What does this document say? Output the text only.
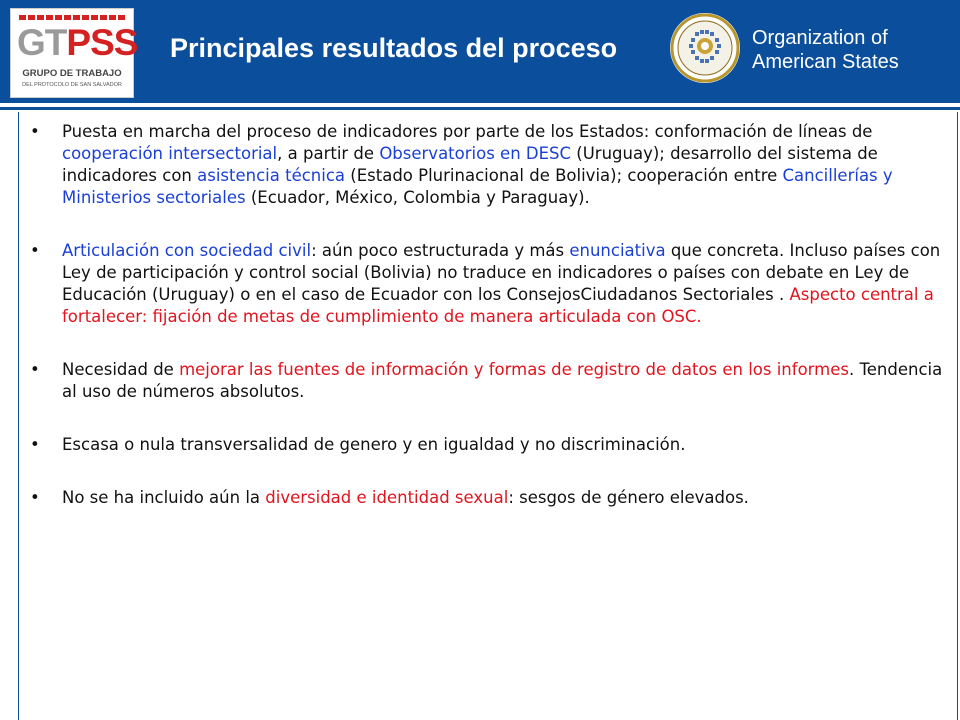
GTPSS
GRUPO DE TRABAJO
DEL PROTOCOLO DE SAN SALVADOR
Principales resultados del proceso	Organization of
American States
• Puesta en marcha del proceso de indicadores por parte de los Estados: conformación de líneas de cooperación intersectorial, a partir de Observatorios en DESC (Uruguay); desarrollo del sistema de indicadores con asistencia técnica (Estado Plurinacional de Bolivia); cooperación entre Cancillerías y Ministerios sectoriales (Ecuador, México, Colombia y Paraguay).
• Articulación con sociedad civil: aún poco estructurada y más enunciativa que concreta. Incluso países con Ley de participación y control social (Bolivia) no traduce en indicadores o países con debate en Ley de Educación (Uruguay) o en el caso de Ecuador con los ConsejosCiudadanos Sectoriales . Aspecto central a fortalecer: fijación de metas de cumplimiento de manera articulada con OSC.
• Necesidad de mejorar las fuentes de información y formas de registro de datos en los informes. Tendencia al uso de números absolutos.
• Escasa o nula transversalidad de genero y en igualdad y no discriminación.
• No se ha incluido aún la diversidad e identidad sexual: sesgos de género elevados.
